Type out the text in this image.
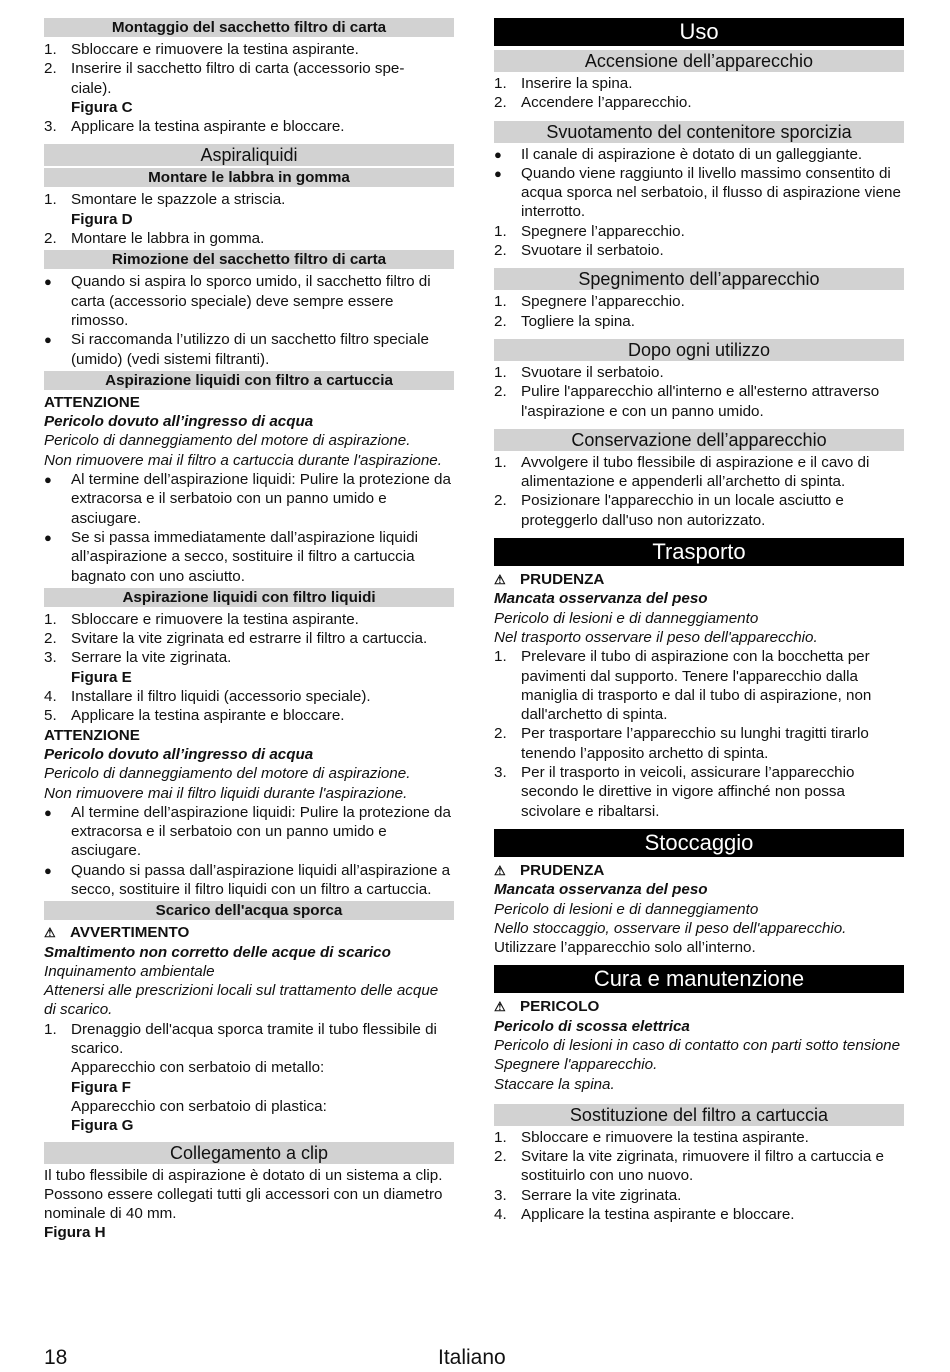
Montaggio del sacchetto filtro di carta
1. Sbloccare e rimuovere la testina aspirante.
2. Inserire il sacchetto filtro di carta (accessorio spe-
ciale).
Figura C
3. Applicare la testina aspirante e bloccare.
Aspiraliquidi
Montare le labbra in gomma
1. Smontare le spazzole a striscia.
Figura D
2. Montare le labbra in gomma.
Rimozione del sacchetto filtro di carta
●	Quando si aspira lo sporco umido, il sacchetto filtro di carta (accessorio speciale) deve sempre essere rimosso.
●	Si raccomanda l’utilizzo di un sacchetto filtro speciale (umido) (vedi sistemi filtranti).
Aspirazione liquidi con filtro a cartuccia
ATTENZIONE
Pericolo dovuto all’ingresso di acqua
Pericolo di danneggiamento del motore di aspirazione.
Non rimuovere mai il filtro a cartuccia durante l'aspirazione.
●	Al termine dell’aspirazione liquidi: Pulire la protezione da extracorsa e il serbatoio con un panno umido e asciugare.
●	Se si passa immediatamente dall’aspirazione liquidi all’aspirazione a secco, sostituire il filtro a cartuccia bagnato con uno asciutto.
Aspirazione liquidi con filtro liquidi
1. Sbloccare e rimuovere la testina aspirante.
2. Svitare la vite zigrinata ed estrarre il filtro a cartuccia.
3. Serrare la vite zigrinata.
Figura E
4. Installare il filtro liquidi (accessorio speciale).
5. Applicare la testina aspirante e bloccare.
ATTENZIONE
Pericolo dovuto all’ingresso di acqua
Pericolo di danneggiamento del motore di aspirazione.
Non rimuovere mai il filtro liquidi durante l'aspirazione.
●	Al termine dell’aspirazione liquidi: Pulire la protezione da extracorsa e il serbatoio con un panno umido e asciugare.
●	Quando si passa dall’aspirazione liquidi all’aspirazione a secco, sostituire il filtro liquidi con un filtro a cartuccia.
Scarico dell'acqua sporca
⚠ AVVERTIMENTO
Smaltimento non corretto delle acque di scarico
Inquinamento ambientale
Attenersi alle prescrizioni locali sul trattamento delle acque di scarico.
1. Drenaggio dell'acqua sporca tramite il tubo flessibile di scarico.
Apparecchio con serbatoio di metallo:
Figura F
Apparecchio con serbatoio di plastica:
Figura G
Collegamento a clip
Il tubo flessibile di aspirazione è dotato di un sistema a clip. Possono essere collegati tutti gli accessori con un diametro nominale di 40 mm.
Figura H
Uso
Accensione dell’apparecchio
1. Inserire la spina.
2. Accendere l’apparecchio.
Svuotamento del contenitore sporcizia
●	Il canale di aspirazione è dotato di un galleggiante.
●	Quando viene raggiunto il livello massimo consentito di acqua sporca nel serbatoio, il flusso di aspirazione viene interrotto.
1. Spegnere l’apparecchio.
2. Svuotare il serbatoio.
Spegnimento dell’apparecchio
1. Spegnere l’apparecchio.
2. Togliere la spina.
Dopo ogni utilizzo
1. Svuotare il serbatoio.
2. Pulire l'apparecchio all'interno e all'esterno attraverso l'aspirazione e con un panno umido.
Conservazione dell’apparecchio
1. Avvolgere il tubo flessibile di aspirazione e il cavo di alimentazione e appenderli all’archetto di spinta.
2. Posizionare l'apparecchio in un locale asciutto e proteggerlo dall'uso non autorizzato.
Trasporto
⚠ PRUDENZA
Mancata osservanza del peso
Pericolo di lesioni e di danneggiamento
Nel trasporto osservare il peso dell'apparecchio.
1. Prelevare il tubo di aspirazione con la bocchetta per pavimenti dal supporto. Tenere l'apparecchio dalla maniglia di trasporto e dal il tubo di aspirazione, non dall'archetto di spinta.
2. Per trasportare l’apparecchio su lunghi tragitti tirarlo tenendo l’apposito archetto di spinta.
3. Per il trasporto in veicoli, assicurare l’apparecchio secondo le direttive in vigore affinché non possa scivolare e ribaltarsi.
Stoccaggio
⚠ PRUDENZA
Mancata osservanza del peso
Pericolo di lesioni e di danneggiamento
Nello stoccaggio, osservare il peso dell'apparecchio.
Utilizzare l’apparecchio solo all’interno.
Cura e manutenzione
⚠ PERICOLO
Pericolo di scossa elettrica
Pericolo di lesioni in caso di contatto con parti sotto tensione
Spegnere l'apparecchio.
Staccare la spina.
Sostituzione del filtro a cartuccia
1. Sbloccare e rimuovere la testina aspirante.
2. Svitare la vite zigrinata, rimuovere il filtro a cartuccia e sostituirlo con uno nuovo.
3. Serrare la vite zigrinata.
4. Applicare la testina aspirante e bloccare.
18	Italiano
